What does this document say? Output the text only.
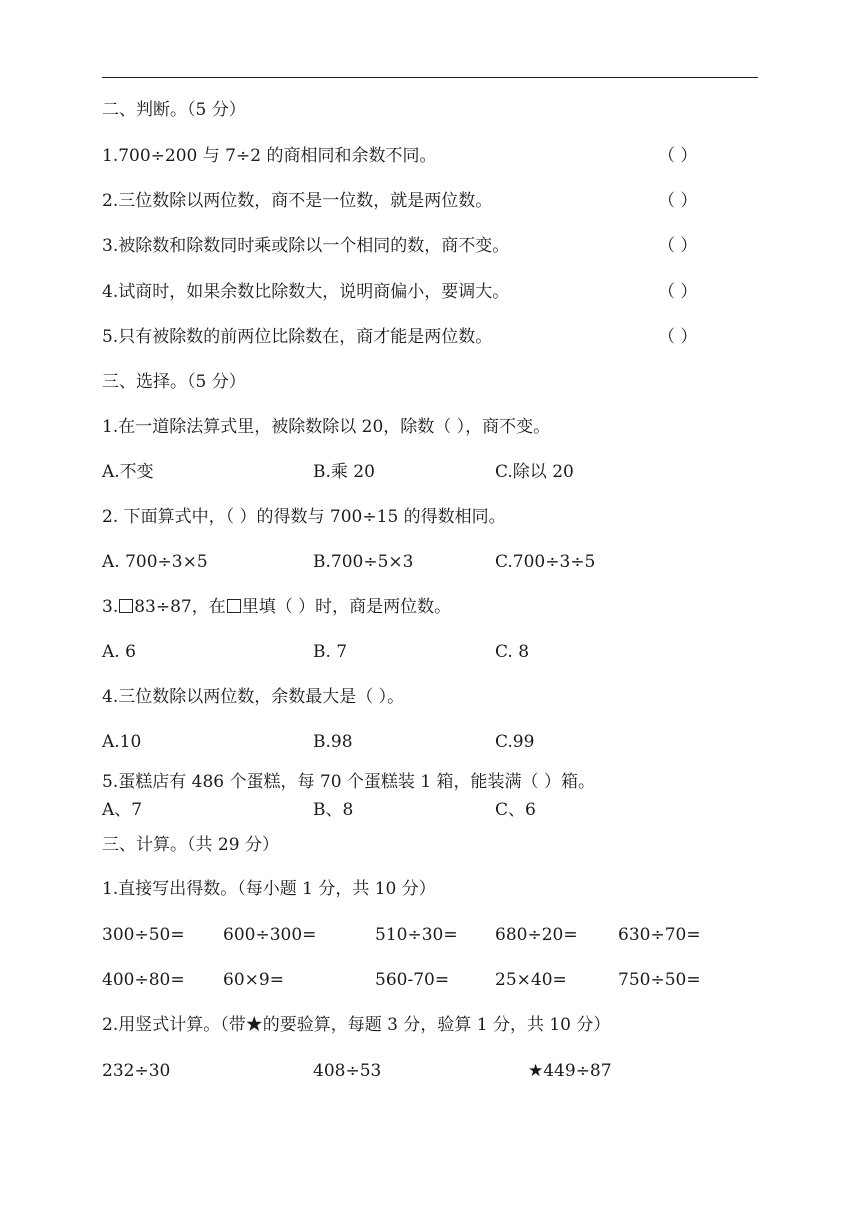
二、判断。（5 分）
1.700÷200 与 7÷2 的商相同和余数不同。	（ ）
2.三位数除以两位数，商不是一位数，就是两位数。	（ ）
3.被除数和除数同时乘或除以一个相同的数，商不变。	（ ）
4.试商时，如果余数比除数大，说明商偏小，要调大。	（ ）
5.只有被除数的前两位比除数在，商才能是两位数。	（ ）
三、选择。（5 分）
1.在一道除法算式里，被除数除以 20，除数（ ），商不变。
A.不变	B.乘 20	C.除以 20
2. 下面算式中，（ ）的得数与 700÷15 的得数相同。
A. 700÷3×5	B.700÷5×3	C.700÷3÷5
3. 83÷87，在 里填（ ）时，商是两位数。
A. 6	B. 7	C. 8
4.三位数除以两位数，余数最大是（ ）。
A.10	B.98	C.99
5.蛋糕店有 486 个蛋糕，每 70 个蛋糕装 1 箱，能装满（ ）箱。
A、7	B、8	C、6
三、计算。（共 29 分）
1.直接写出得数。（每小题 1 分，共 10 分）
300÷50= 600÷300=	510÷30= 680÷20= 630÷70=
400÷80= 60×9=	560-70=	25×40=	750÷50=
2.用竖式计算。（带★的要验算，每题 3 分，验算 1 分，共 10 分）
232÷30	408÷53	★449÷87
